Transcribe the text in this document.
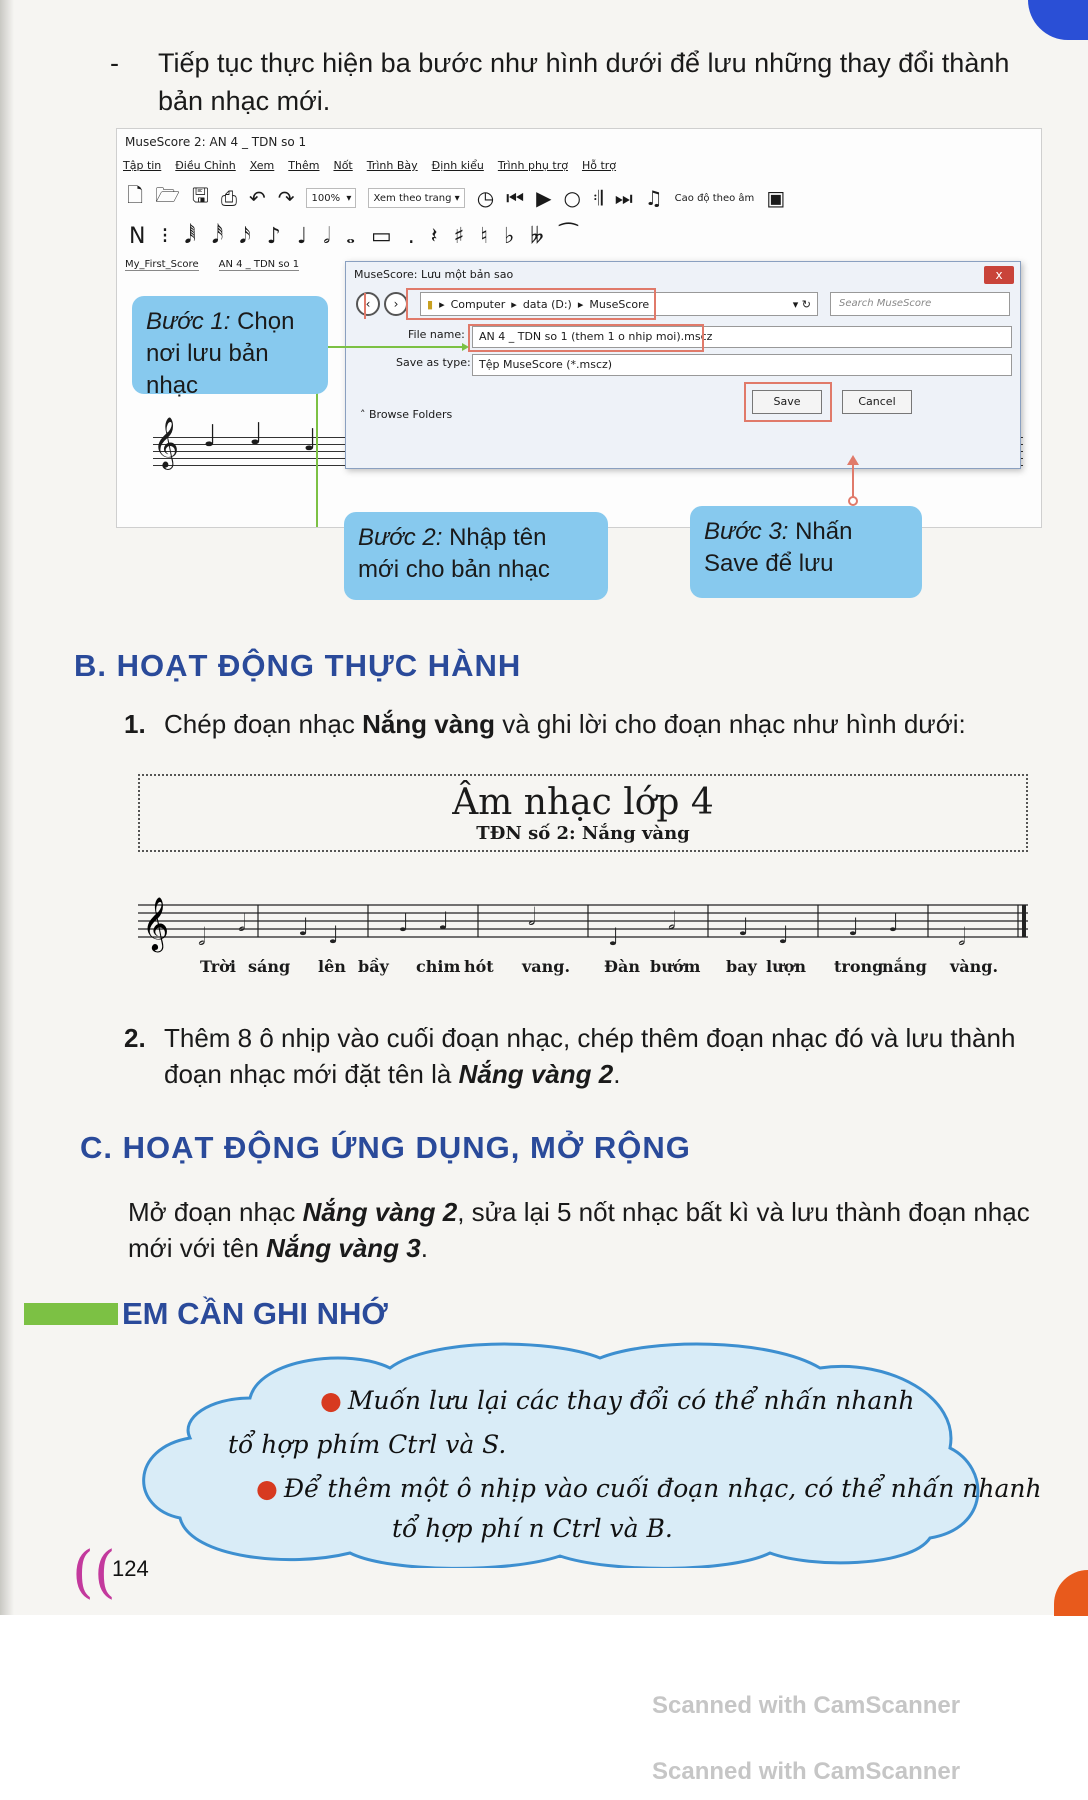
- Tiếp tục thực hiện ba bước như hình dưới để lưu những thay đổi thành bản nhạc mới.
MuseScore 2: AN 4 _ TDN so 1
Tập tin Điều Chỉnh Xem Thêm Nốt Trình Bày Định kiểu Trình phụ trợ Hỗ trợ
🗋 🗁 🖫 ⎙ ↶ ↷ 100% ▾	Xem theo trang ▾ ◷ ⏮ ▶ ○ 𝄇 ⏭ ♫ Cao độ theo âm ▣
N ⁝ 𝅘𝅥𝅱 𝅘𝅥𝅰 𝅘𝅥𝅯 ♪ ♩ 𝅗𝅥 𝅝 ▭ . 𝄽 ♯ ♮ ♭ 𝄫 ⁀
My_First_Score AN 4 _ TDN so 1
𝄞 ♩ ♩ ♩
MuseScore: Lưu một bản sao	x
‹	›	▮ ▸ Computer ▸ data (D:) ▸ MuseScore	▾ ↻	Search MuseScore
File name:	AN 4 _ TDN so 1 (them 1 o nhip moi).mscz
Save as type: Tệp MuseScore (*.mscz)
˄ Browse Folders
Save	Cancel
Bước 1: Chọn nơi lưu bản nhạc
Bước 2: Nhập tên mới cho bản nhạc
Bước 3: Nhấn Save để lưu
B. HOẠT ĐỘNG THỰC HÀNH
1. Chép đoạn nhạc Nắng vàng và ghi lời cho đoạn nhạc như hình dưới:
Âm nhạc lớp 4
TĐN số 2: Nắng vàng
𝄞 𝅗𝅥 𝅗𝅥 ♩ ♩ ♩ ♩	𝅗𝅥
♩
𝅗𝅥	♩ ♩ ♩ ♩ 𝅗𝅥
Trời sáng lên bầy chim hót vang. Đàn bướm bay lượn trong
nắng vàng.
2. Thêm 8 ô nhịp vào cuối đoạn nhạc, chép thêm đoạn nhạc đó và lưu thành đoạn nhạc mới đặt tên là Nắng vàng 2.
C. HOẠT ĐỘNG ỨNG DỤNG, MỞ RỘNG
Mở đoạn nhạc Nắng vàng 2, sửa lại 5 nốt nhạc bất kì và lưu thành đoạn nhạc mới với tên Nắng vàng 3.
EM CẦN GHI NHỚ
● Muốn lưu lại các thay đổi có thể nhấn nhanh
tổ hợp phím Ctrl và S.
● Để thêm một ô nhịp vào cuối đoạn nhạc, có thể nhấn nhanh
tổ hợp phí n Ctrl và B.
((
124
Scanned with CamScanner
Scanned with CamScanner
